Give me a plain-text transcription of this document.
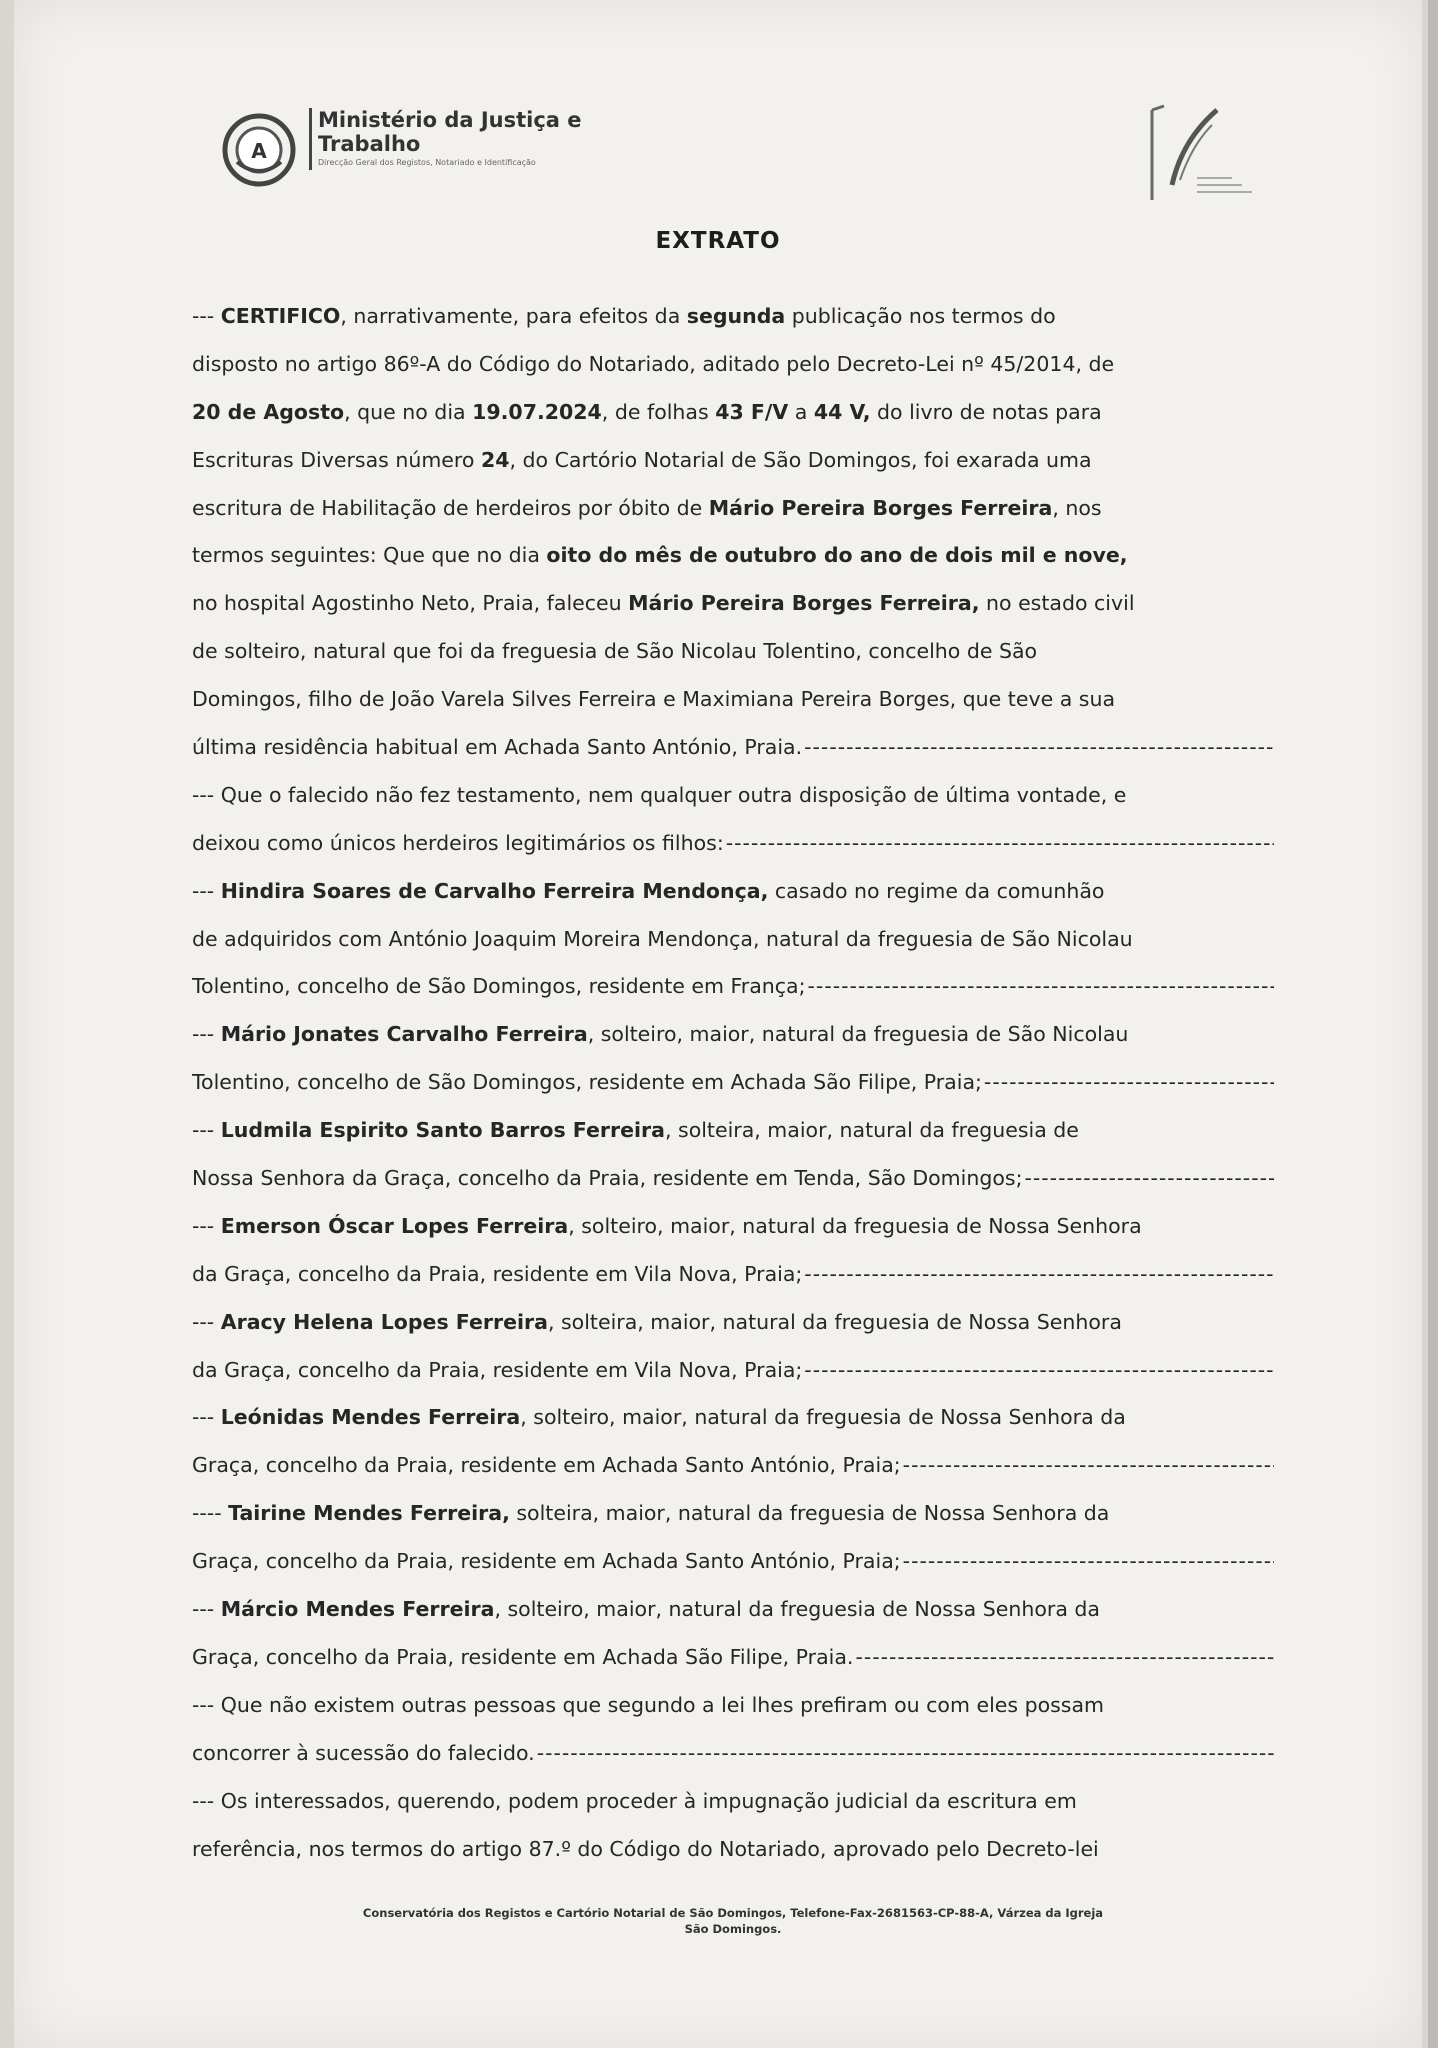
A
Ministério da Justiça e
Trabalho
Direcção Geral dos Registos, Notariado e Identificação
EXTRATO
--- CERTIFICO, narrativamente, para efeitos da segunda publicação nos termos do
disposto no artigo 86º-A do Código do Notariado, aditado pelo Decreto-Lei nº 45/2014, de
20 de Agosto, que no dia 19.07.2024, de folhas 43 F/V a 44 V, do livro de notas para
Escrituras Diversas número 24, do Cartório Notarial de São Domingos, foi exarada uma
escritura de Habilitação de herdeiros por óbito de Mário Pereira Borges Ferreira, nos
termos seguintes: Que que no dia oito do mês de outubro do ano de dois mil e nove,
no hospital Agostinho Neto, Praia, faleceu Mário Pereira Borges Ferreira, no estado civil
de solteiro, natural que foi da freguesia de São Nicolau Tolentino, concelho de São
Domingos, filho de João Varela Silves Ferreira e Maximiana Pereira Borges, que teve a sua
última residência habitual em Achada Santo António, Praia.
-----
--- Que o falecido não fez testamento, nem qualquer outra disposição de última vontade, e
deixou como únicos herdeiros legitimários os filhos:
-----
--- Hindira Soares de Carvalho Ferreira Mendonça, casado no regime da comunhão
de adquiridos com António Joaquim Moreira Mendonça, natural da freguesia de São Nicolau
Tolentino, concelho de São Domingos, residente em França;
-----
--- Mário Jonates Carvalho Ferreira, solteiro, maior, natural da freguesia de São Nicolau
Tolentino, concelho de São Domingos, residente em Achada São Filipe, Praia;
-----
--- Ludmila Espirito Santo Barros Ferreira, solteira, maior, natural da freguesia de
Nossa Senhora da Graça, concelho da Praia, residente em Tenda, São Domingos;
-----
--- Emerson Óscar Lopes Ferreira, solteiro, maior, natural da freguesia de Nossa Senhora
da Graça, concelho da Praia, residente em Vila Nova, Praia;
-----
--- Aracy Helena Lopes Ferreira, solteira, maior, natural da freguesia de Nossa Senhora
da Graça, concelho da Praia, residente em Vila Nova, Praia;
-----
--- Leónidas Mendes Ferreira, solteiro, maior, natural da freguesia de Nossa Senhora da
Graça, concelho da Praia, residente em Achada Santo António, Praia;
-----
---- Tairine Mendes Ferreira, solteira, maior, natural da freguesia de Nossa Senhora da
Graça, concelho da Praia, residente em Achada Santo António, Praia;
-----
--- Márcio Mendes Ferreira, solteiro, maior, natural da freguesia de Nossa Senhora da
Graça, concelho da Praia, residente em Achada São Filipe, Praia.
-----
--- Que não existem outras pessoas que segundo a lei lhes prefiram ou com eles possam
concorrer à sucessão do falecido.
-----
--- Os interessados, querendo, podem proceder à impugnação judicial da escritura em
referência, nos termos do artigo 87.º do Código do Notariado, aprovado pelo Decreto-lei
Conservatória dos Registos e Cartório Notarial de São Domingos, Telefone-Fax-2681563-CP-88-A, Várzea da Igreja
São Domingos.
